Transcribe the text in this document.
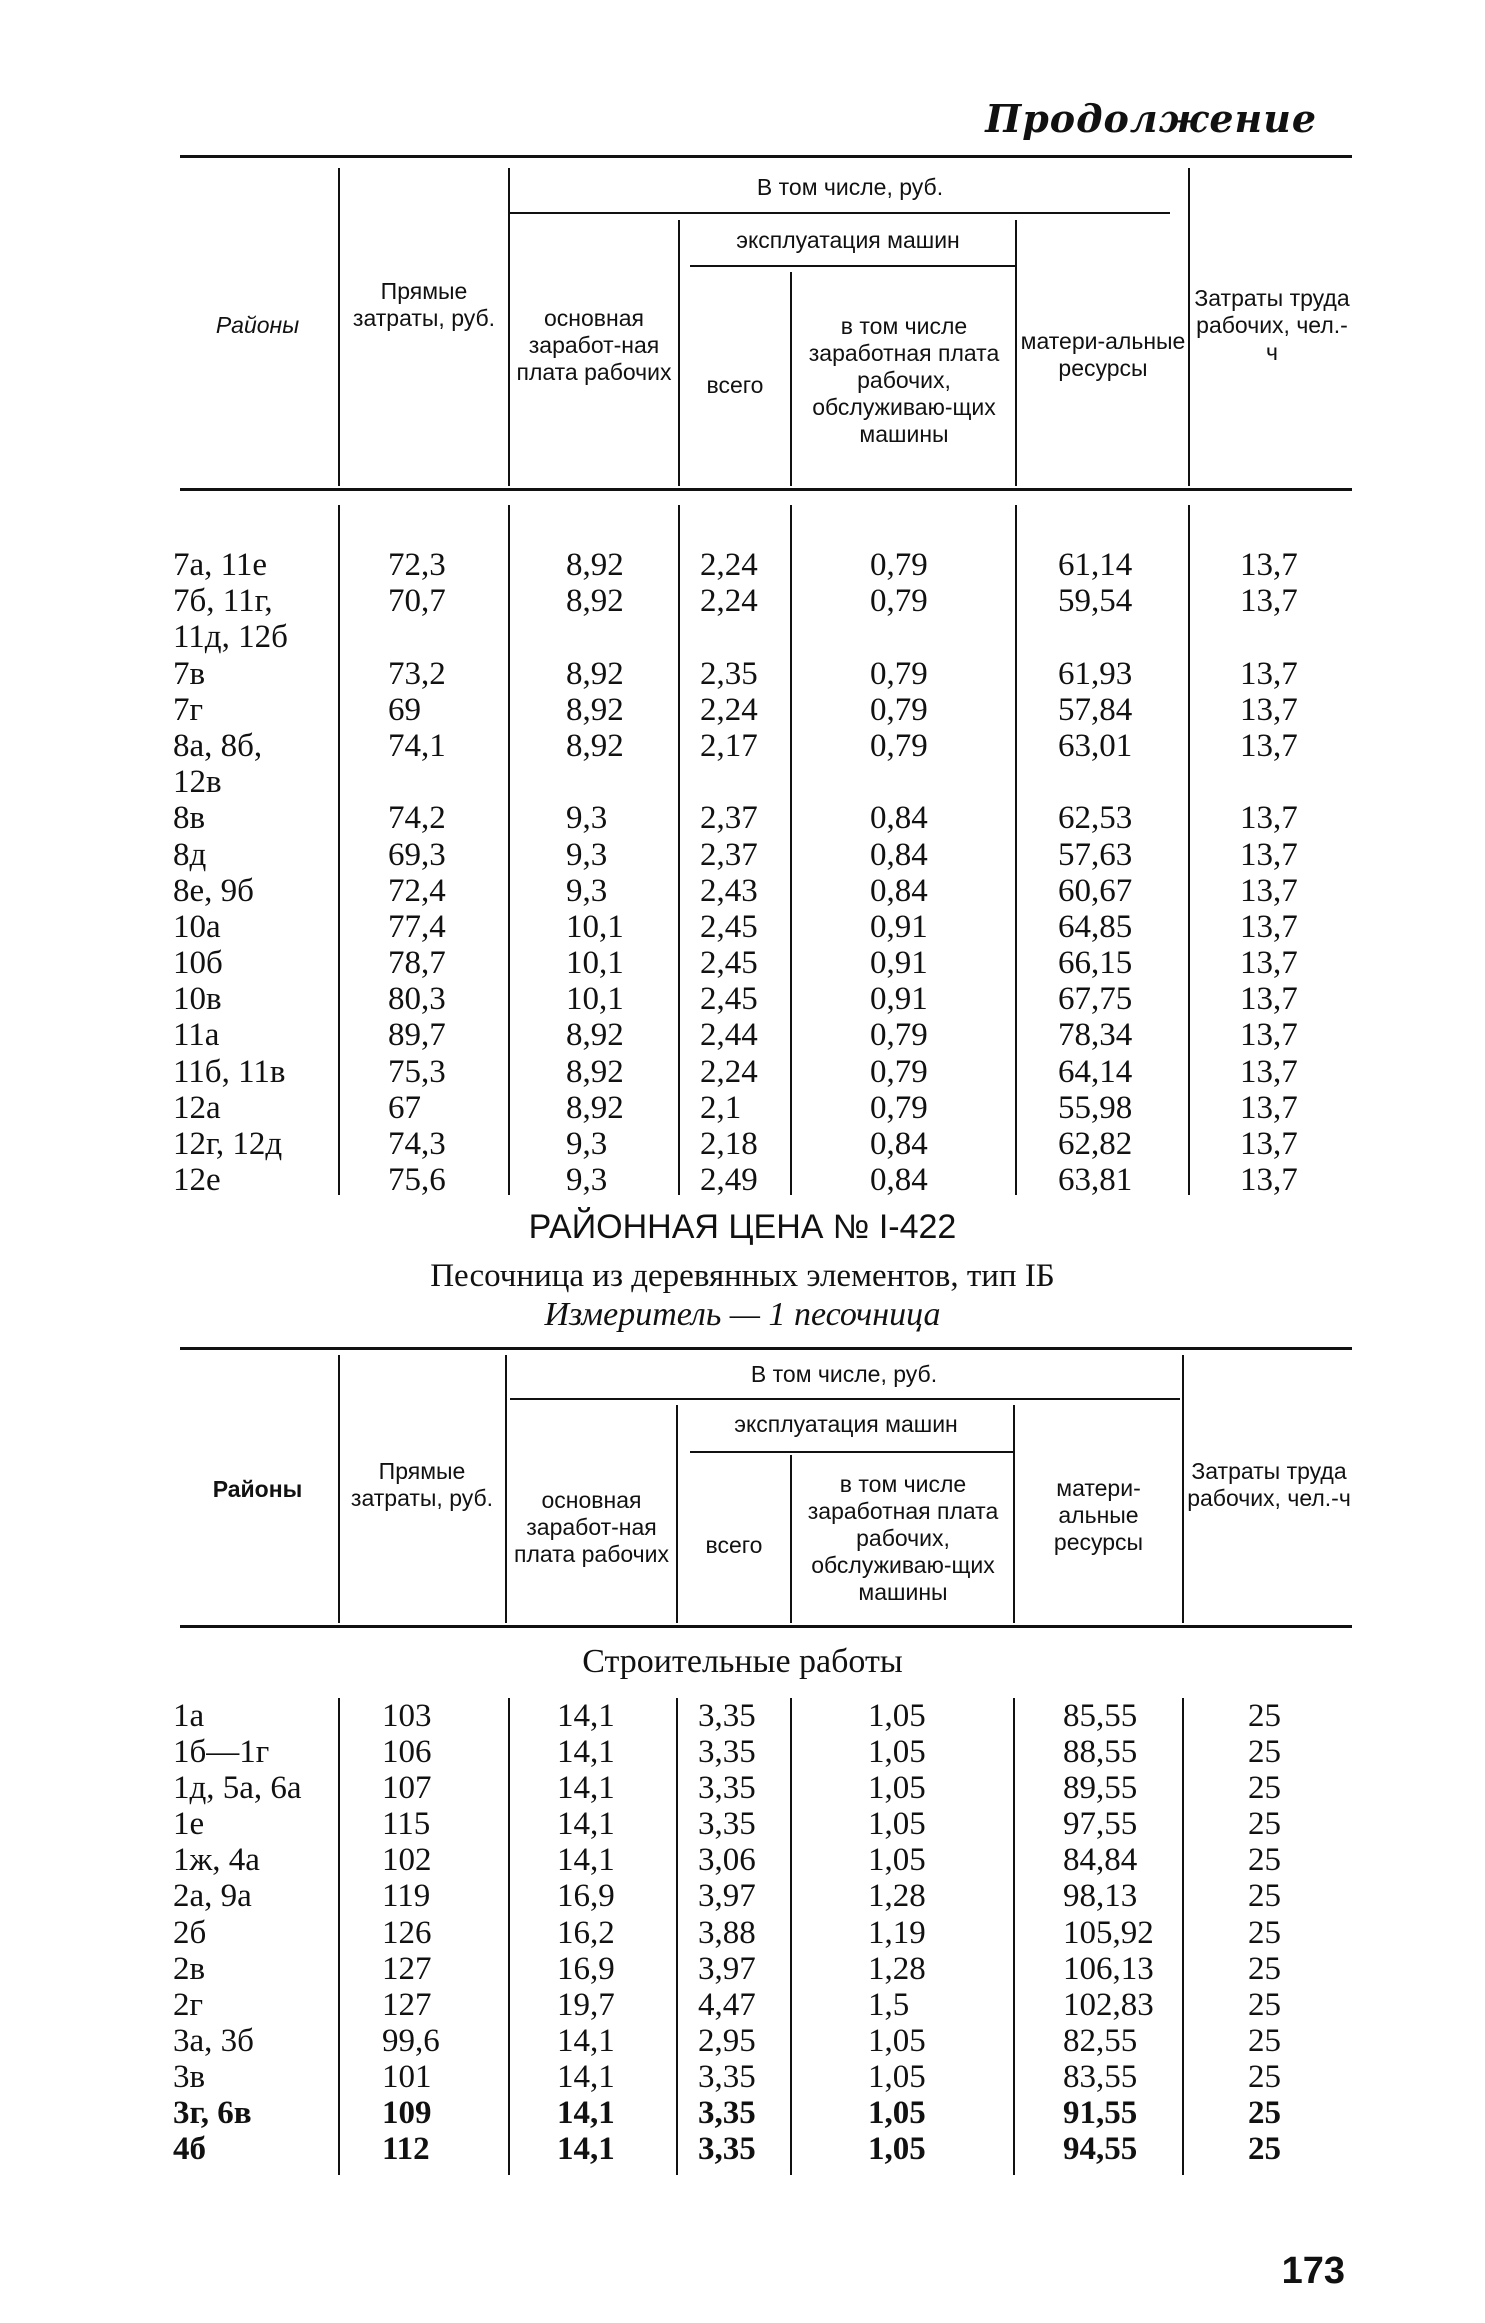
Продолжение
Районы
Прямые затраты, руб.
В том числе, руб.
основная заработ-ная плата рабочих
эксплуатация машин
всего
в том числе заработная плата рабочих, обслуживаю-щих машины
матери-альные ресурсы
Затраты труда рабочих, чел.-ч
7а, 11е
7б, 11г,
11д, 12б
7в
7г
8а, 8б,
12в
8в
8д
8е, 9б
10а
10б
10в
11а
11б, 11в
12а
12г, 12д
12е
72,3
70,7
73,2
69
74,1
74,2
69,3
72,4
77,4
78,7
80,3
89,7
75,3
67
74,3
75,6
8,92
8,92
8,92
8,92
8,92
9,3
9,3
9,3
10,1
10,1
10,1
8,92
8,92
8,92
9,3
9,3
2,24
2,24
2,35
2,24
2,17
2,37
2,37
2,43
2,45
2,45
2,45
2,44
2,24
2,1
2,18
2,49
0,79
0,79
0,79
0,79
0,79
0,84
0,84
0,84
0,91
0,91
0,91
0,79
0,79
0,79
0,84
0,84
61,14
59,54
61,93
57,84
63,01
62,53
57,63
60,67
64,85
66,15
67,75
78,34
64,14
55,98
62,82
63,81
13,7
13,7
13,7
13,7
13,7
13,7
13,7
13,7
13,7
13,7
13,7
13,7
13,7
13,7
13,7
13,7
РАЙОННАЯ ЦЕНА № I-422
Песочница из деревянных элементов, тип IБ
Измеритель — 1 песочница
Районы
Прямые затраты, руб.
В том числе, руб.
основная заработ-ная плата рабочих
эксплуатация машин
всего
в том числе заработная плата рабочих, обслуживаю-щих машины
матери-альные ресурсы
Затраты труда рабочих, чел.-ч
Строительные работы
1а
1б—1г
1д, 5а, 6а
1е
1ж, 4а
2а, 9а
2б
2в
2г
3а, 3б
3в
3г, 6в
4б
103
106
107
115
102
119
126
127
127
99,6
101
109
112
14,1
14,1
14,1
14,1
14,1
16,9
16,2
16,9
19,7
14,1
14,1
14,1
14,1
3,35
3,35
3,35
3,35
3,06
3,97
3,88
3,97
4,47
2,95
3,35
3,35
3,35
1,05
1,05
1,05
1,05
1,05
1,28
1,19
1,28
1,5
1,05
1,05
1,05
1,05
85,55
88,55
89,55
97,55
84,84
98,13
105,92
106,13
102,83
82,55
83,55
91,55
94,55
25
25
25
25
25
25
25
25
25
25
25
25
25
173
